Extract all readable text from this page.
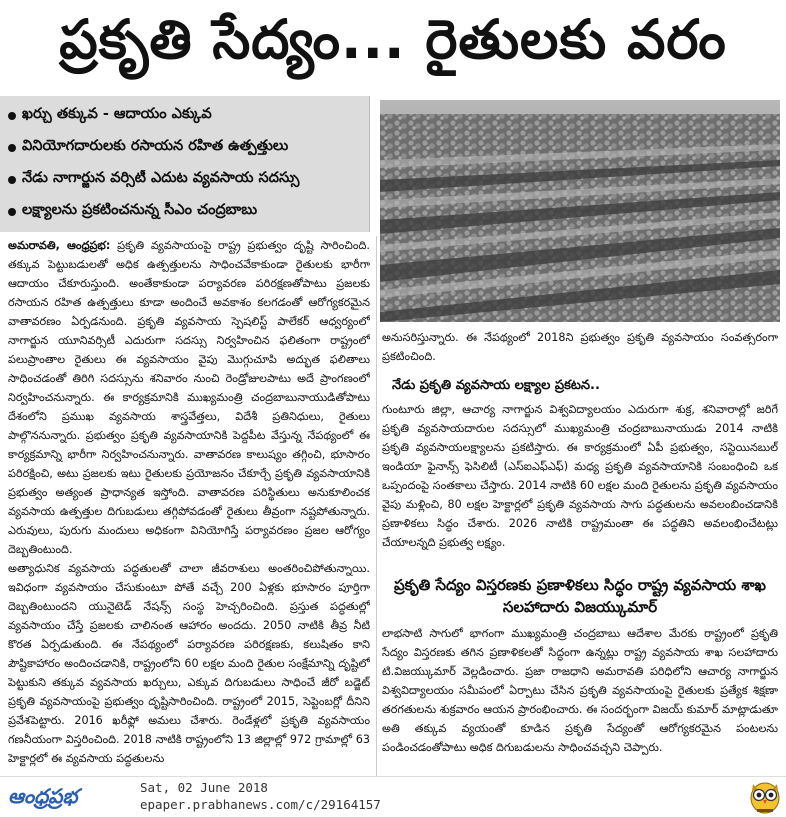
ప్రకృతి సేద్యం... రైతులకు వరం
ఖర్చు తక్కువ - ఆదాయం ఎక్కువ
వినియోగదారులకు రసాయన రహిత ఉత్పత్తులు
నేడు నాగార్జున వర్సిటీ ఎదుట వ్యవసాయ సదస్సు
లక్ష్యాలను ప్రకటించనున్న సీఎం చంద్రబాబు

అమరావతి, ఆంధ్రప్రభ: ప్రకృతి వ్యవసాయంపై రాష్ట్ర ప్రభుత్వం దృష్టి సారించింది. తక్కువ పెట్టుబడులతో అధిక ఉత్పత్తులను సాధించవేకాకుండా రైతులకు భారీగా ఆదాయం చేకూరుస్తుంది. అంతేకాకుండా పర్యావరణ పరిరక్షణతోపాటు ప్రజలకు రసాయన రహిత ఉత్పత్తులు కూడా అందించే అవకాశం కలగడంతో ఆరోగ్యకరమైన వాతావరణం ఏర్పడనుంది. ప్రకృతి వ్యవసాయ స్పెషలిస్ట్ పాలేకర్ ఆధ్వర్యంలో నాగార్జున యూనివర్సిటీ ఎదురుగా సదస్సు నిర్వహించిన ఫలితంగా రాష్ట్రంలో పలుప్రాంతాల రైతులు ఈ వ్యవసాయం వైపు మొగ్గుచూపి అద్భుత ఫలితాలు సాధించడంతో తిరిగి సదస్సును శనివారం నుంచి రెండ్రోజులపాటు అదే ప్రాంగణంలో నిర్వహించనున్నారు. ఈ కార్యక్రమానికి ముఖ్యమంత్రి చంద్రబాబునాయుడితోపాటు దేశంలోని ప్రముఖ వ్యవసాయ శాస్త్రవేత్తలు, విదేశీ ప్రతినిధులు, రైతులు పాల్గొననున్నారు. ప్రభుత్వం ప్రకృతి వ్యవసాయానికి పెద్దపీట వేస్తున్న నేపథ్యంలో ఈ కార్యక్రమాన్ని భారీగా నిర్వహించనున్నారు. వాతావరణ కాలుష్యం తగ్గించి, భూసారం పరిరక్షించి, అటు ప్రజలకు ఇటు రైతులకు ప్రయోజనం చేకూర్చే ప్రకృతి వ్యవసాయానికి ప్రభుత్వం అత్యంత ప్రాధాన్యత ఇస్తోంది. వాతావరణ పరిస్థితులు అనుకూలించక వ్యవసాయ ఉత్పత్తుల దిగుబడులు తగ్గిపోవడంతో రైతులు తీవ్రంగా నష్టపోతున్నారు. ఎరువులు, పురుగు మందులు అధికంగా వినియోగిస్తే పర్యావరణం ప్రజల ఆరోగ్యం దెబ్బతింటుంది.

అత్యాధునిక వ్యవసాయ పద్ధతులతో చాలా జీవరాశులు అంతరించిపోతున్నాయి. ఇవిధంగా వ్యవసాయం చేసుకుంటూ పోతే వచ్చే 200 ఏళ్లకు భూసారం పూర్తిగా దెబ్బతింటుందని యునైటెడ్ నేషన్స్ సంస్థ హెచ్చరించింది. ప్రస్తుత పద్ధతుల్లో వ్యవసాయం చేస్తే ప్రజలకు చాలినంత ఆహారం అందదు. 2050 నాటికి తీవ్ర నీటి కొరత ఏర్పడుతుంది. ఈ నేపథ్యంలో పర్యావరణ పరిరక్షణకు, కలుషితం కాని పౌష్టికాహారం అందించడానికి, రాష్ట్రంలోని 60 లక్షల మంది రైతుల సంక్షేమాన్ని దృష్టిలో పెట్టుకుని తక్కువ వ్యవసాయ ఖర్చులు, ఎక్కువ దిగుబడులు సాధించే జీరో బడ్జెట్ ప్రకృతి వ్యవసాయంపై ప్రభుత్వం దృష్టిసారించింది. రాష్ట్రంలో 2015, సెప్టెంబర్లో దీనిని ప్రవేశపెట్టారు. 2016 ఖరీఫ్లో అమలు చేశారు. రెండేళ్లలో ప్రకృతి వ్యవసాయం గణనీయంగా విస్తరించింది. 2018 నాటికి రాష్ట్రంలోని 13 జిల్లాల్లో 972 గ్రామాల్లో 63 హెక్టార్లలో ఈ వ్యవసాయ పద్ధతులను

అనుసరిస్తున్నారు. ఈ నేపథ్యంలో 2018ని ప్రభుత్వం ప్రకృతి వ్యవసాయం సంవత్సరంగా ప్రకటించింది.
నేడు ప్రకృతి వ్యవసాయ లక్ష్యాల ప్రకటన..
గుంటూరు జిల్లా, ఆచార్య నాగార్జున విశ్వవిద్యాలయం ఎదురుగా శుక్ర, శనివారాల్లో జరిగే ప్రకృతి వ్యవసాయదారుల సదస్సులో ముఖ్యమంత్రి చంద్రబాబునాయుడు 2014 నాటికి ప్రకృతి వ్యవసాయలక్ష్యాలను ప్రకటిస్తారు. ఈ కార్యక్రమంలో ఏపీ ప్రభుత్వం, సస్టెయినబుల్ ఇండియా ఫైనాన్స్ ఫెసిలిటీ (ఎస్ఐఎఫ్ఎఫ్) మధ్య ప్రకృతి వ్యవసాయానికి సంబంధించి ఒక ఒప్పందంపై సంతకాలు చేస్తారు. 2014 నాటికి 60 లక్షల మంది రైతులను ప్రకృతి వ్యవసాయం వైపు మళ్లించి, 80 లక్షల హెక్టార్లలో ప్రకృతి వ్యవసాయ సాగు పద్ధతులను అవలంబించడానికి ప్రణాళికలు సిద్ధం చేశారు. 2026 నాటికి రాష్ట్రమంతా ఈ పద్ధతిని అవలంభించేటట్లు చేయాలన్నది ప్రభుత్వ లక్ష్యం.
ప్రకృతి సేద్యం విస్తరణకు ప్రణాళికలు సిద్ధం రాష్ట్ర వ్యవసాయ శాఖ సలహాదారు విజయ్కుమార్
లాభసాటి సాగులో భాగంగా ముఖ్యమంత్రి చంద్రబాబు ఆదేశాల మేరకు రాష్ట్రంలో ప్రకృతి సేద్యం విస్తరణకు తగిన ప్రణాళికలతో సిద్ధంగా ఉన్నట్లు రాష్ట్ర వ్యవసాయ శాఖ సలహాదారు టి.విజయ్కుమార్ వెల్లడించారు. ప్రజా రాజధాని అమరావతి పరిధిలోని ఆచార్య నాగార్జున విశ్వవిద్యాలయం సమీపంలో ఏర్పాటు చేసిన ప్రకృతి వ్యవసాయంపై రైతులకు ప్రత్యేక శిక్షణా తరగతులను శుక్రవారం ఆయన ప్రారంభించారు. ఈ సందర్భంగా విజయ్ కుమార్ మాట్లాడుతూ అతి తక్కువ వ్యయంతో కూడిన ప్రకృతి సేద్యంతో ఆరోగ్యకరమైన పంటలను పండించడంతోపాటు అధిక దిగుబడులను సాధించవచ్చని చెప్పారు.
ఆంధ్రప్రభ	Sat, 02 June 2018
epaper.prabhanews.com/c/29164157
